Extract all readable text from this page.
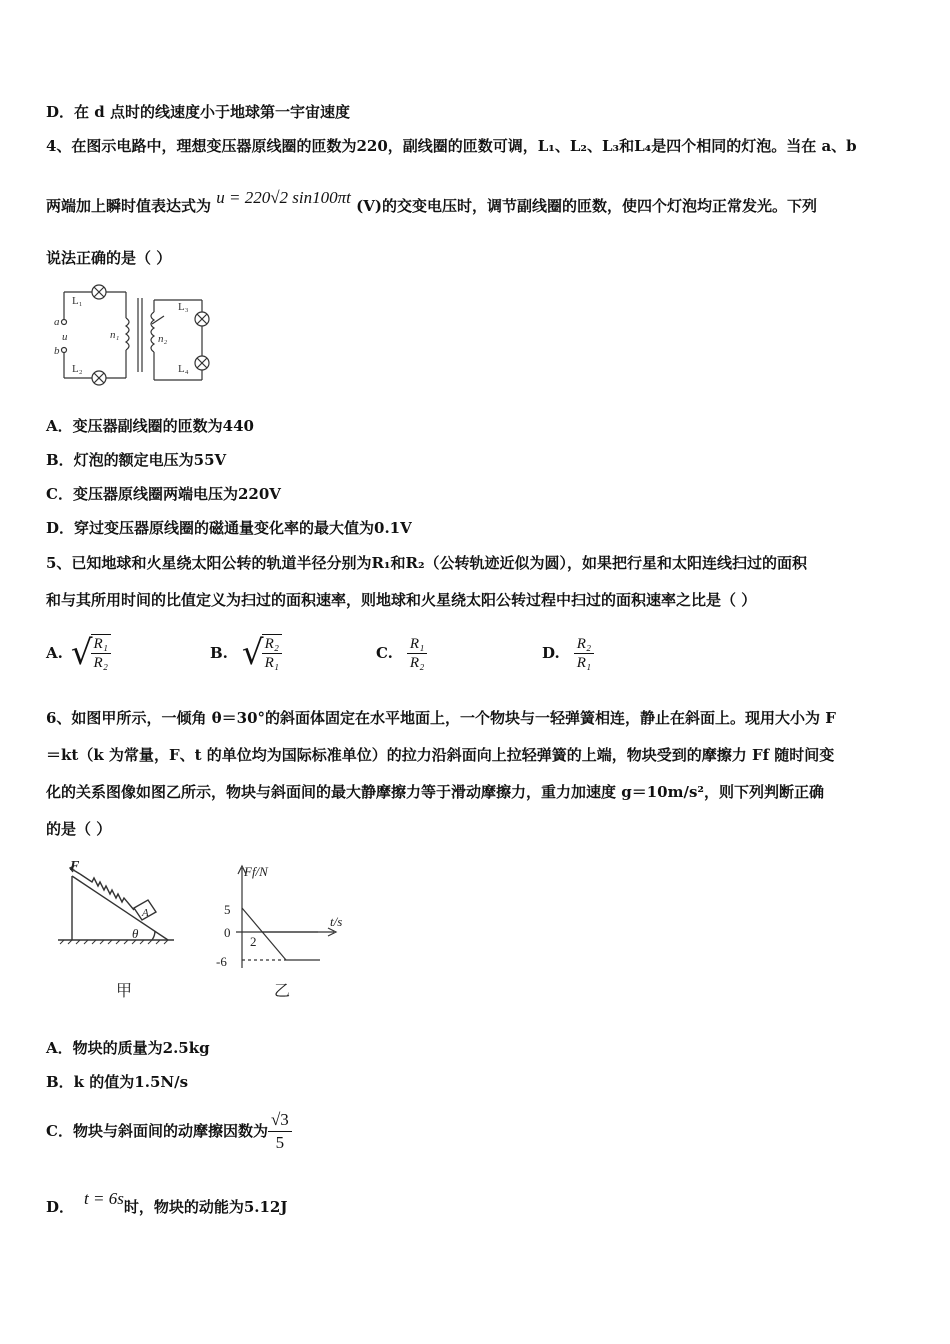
D．在 d 点时的线速度小于地球第一宇宙速度
4、在图示电路中，理想变压器原线圈的匝数为220，副线圈的匝数可调，L₁、L₂、L₃和L₄是四个相同的灯泡。当在 a、b
两端加上瞬时值表达式为 u = 220√2 sin100πt (V)的交变电压时，调节副线圈的匝数，使四个灯泡均正常发光。下列
说法正确的是（ ）
L₁
L₂
L₃
L₄
a
b
u	n₁	n₂
A．变压器副线圈的匝数为440
B．灯泡的额定电压为55V
C．变压器原线圈两端电压为220V
D．穿过变压器原线圈的磁通量变化率的最大值为0.1V
5、已知地球和火星绕太阳公转的轨道半径分别为R₁和R₂（公转轨迹近似为圆），如果把行星和太阳连线扫过的面积
和与其所用时间的比值定义为扫过的面积速率，则地球和火星绕太阳公转过程中扫过的面积速率之比是（ ）
A. √
$\frac{\text{R₁}}{\text{R₂}}$	B. √
$\frac{\text{R₂}}{\text{R₁}}$	C. $\frac{\text{R₁}}{\text{R₂}}$	D. $\frac{\text{R₂}}{\text{R₁}}$
6、如图甲所示，一倾角 θ＝30°的斜面体固定在水平地面上，一个物块与一轻弹簧相连，静止在斜面上。现用大小为 F
＝kt（k 为常量，F、t 的单位均为国际标准单位）的拉力沿斜面向上拉轻弹簧的上端，物块受到的摩擦力 Ff 随时间变
化的关系图像如图乙所示，物块与斜面间的最大静摩擦力等于滑动摩擦力，重力加速度 g＝10m/s²，则下列判断正确
的是（ ）
F
A
θ
甲
Ff/N
t/s
5
0
2
-6
乙
A．物块的质量为2.5kg
B．k 的值为1.5N/s
C．物块与斜面间的动摩擦因数为 $\frac{√3}{5}$
D． t = 6s 时，物块的动能为5.12J
